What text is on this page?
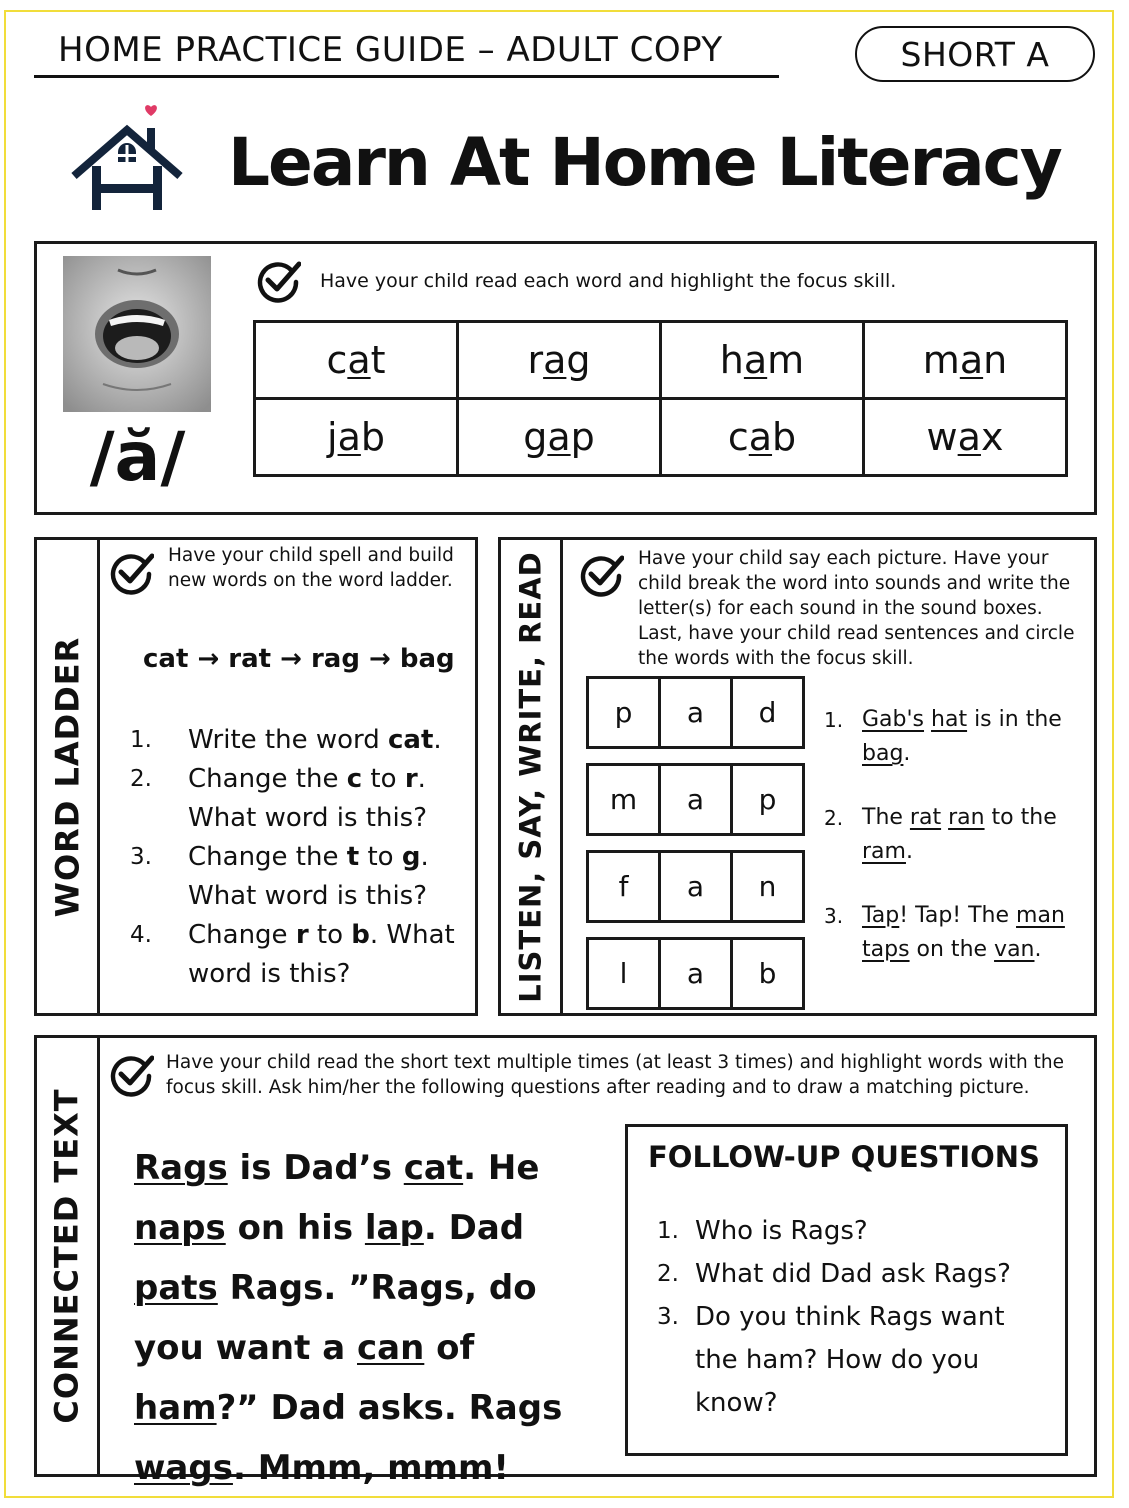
HOME PRACTICE GUIDE – ADULT COPY	SHORT A
Learn At Home Literacy
/ă/
Have your child read each word and highlight the focus skill.
cat	rag	ham	man
jab	gap	cab	wax
WORD LADDER
Have your child spell and build new words on the word ladder.
cat → rat → rag → bag
1.	Write the word cat.
2.	Change the c to r. What word is this?
3.	Change the t to g. What word is this?
4.	Change r to b. What word is this?	LISTEN, SAY, WRITE, READ	Have your child say each picture. Have your child break the word into sounds and write the letter(s) for each sound in the sound boxes. Last, have your child read sentences and circle the words with the focus skill.
p	a	d
m	a	p
f	a	n
l	a	b
1. Gab's hat is in the bag.
2. The rat ran to the ram.
3. Tap! Tap! The man taps on the van.
CONNECTED TEXT
Have your child read the short text multiple times (at least 3 times) and highlight words with the focus skill. Ask him/her the following questions after reading and to draw a matching picture.
Rags is Dad’s cat. He naps on his lap. Dad pats Rags. ”Rags, do you want a can of ham?” Dad asks. Rags wags. Mmm, mmm!
FOLLOW-UP QUESTIONS
1. Who is Rags?
2. What did Dad ask Rags?
3. Do you think Rags want the ham? How do you know?
